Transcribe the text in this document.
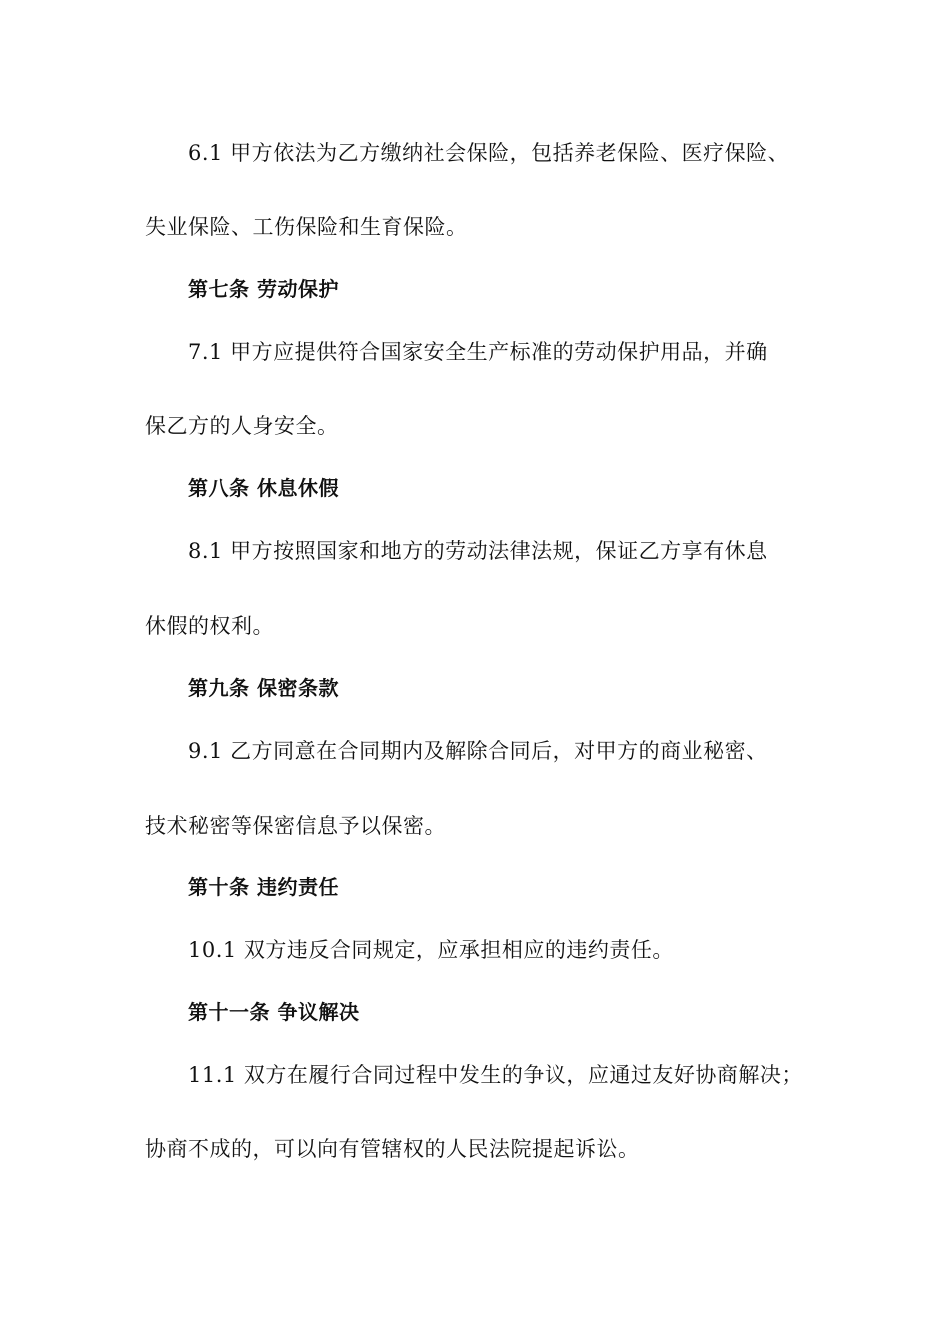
6.1 甲方依法为乙方缴纳社会保险，包括养老保险、医疗保险、
失业保险、工伤保险和生育保险。
第七条 劳动保护
7.1 甲方应提供符合国家安全生产标准的劳动保护用品，并确
保乙方的人身安全。
第八条 休息休假
8.1 甲方按照国家和地方的劳动法律法规，保证乙方享有休息
休假的权利。
第九条 保密条款
9.1 乙方同意在合同期内及解除合同后，对甲方的商业秘密、
技术秘密等保密信息予以保密。
第十条 违约责任
10.1 双方违反合同规定，应承担相应的违约责任。
第十一条 争议解决
11.1 双方在履行合同过程中发生的争议，应通过友好协商解决；
协商不成的，可以向有管辖权的人民法院提起诉讼。
